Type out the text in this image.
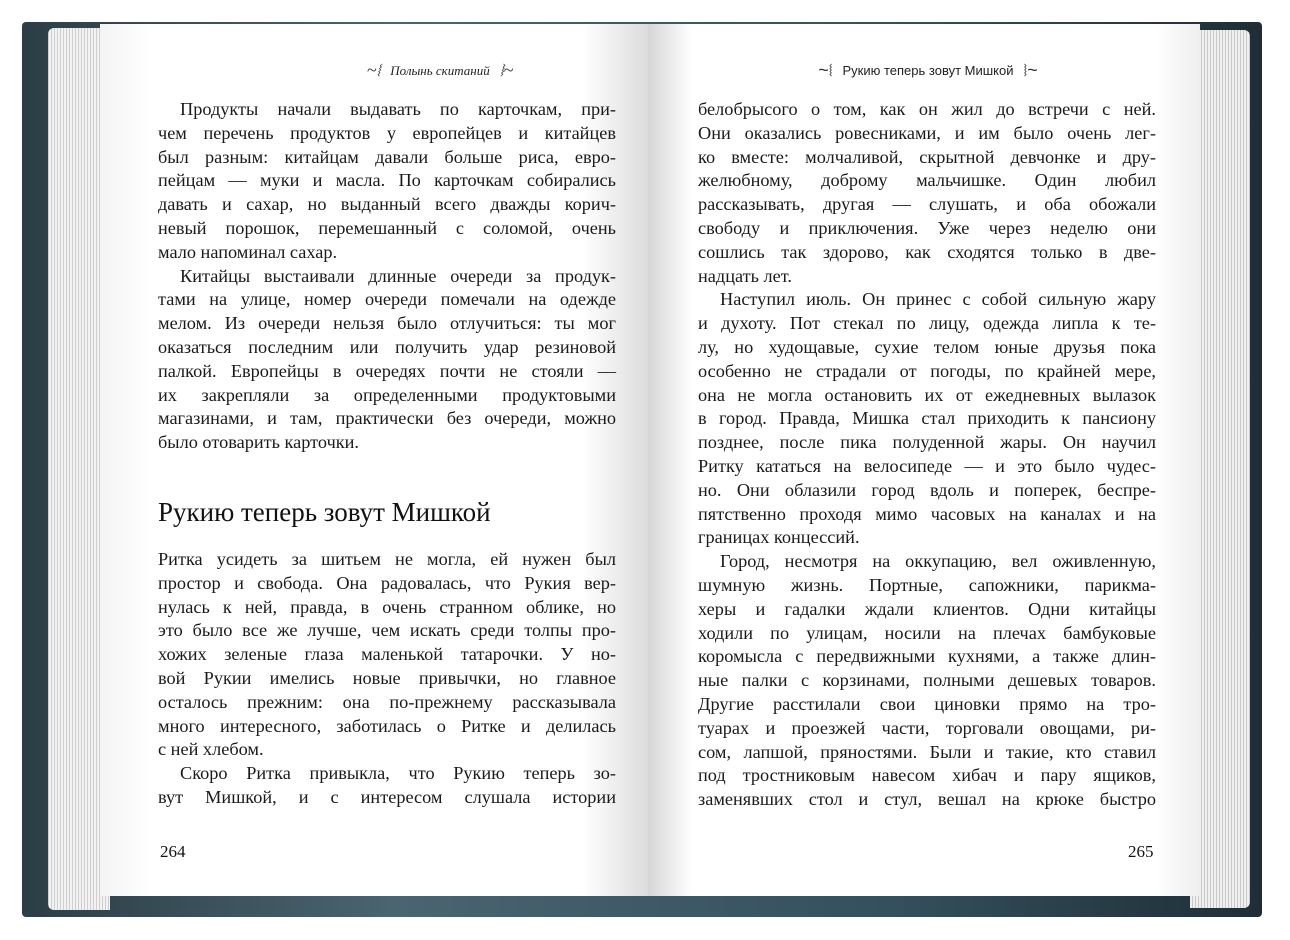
~⧙ Полынь скитаний ⧘~
Продукты начали выдавать по карточкам, при-
чем перечень продуктов у европейцев и китайцев
был разным: китайцам давали больше риса, евро-
пейцам — муки и масла. По карточкам собирались
давать и сахар, но выданный всего дважды корич-
невый порошок, перемешанный с соломой, очень
мало напоминал сахар.
Китайцы выстаивали длинные очереди за продук-
тами на улице, номер очереди помечали на одежде
мелом. Из очереди нельзя было отлучиться: ты мог
оказаться последним или получить удар резиновой
палкой. Европейцы в очередях почти не стояли —
их закрепляли за определенными продуктовыми
магазинами, и там, практически без очереди, можно
было отоварить карточки.
Рукию теперь зовут Мишкой
Ритка усидеть за шитьем не могла, ей нужен был
простор и свобода. Она радовалась, что Рукия вер-
нулась к ней, правда, в очень странном облике, но
это было все же лучше, чем искать среди толпы про-
хожих зеленые глаза маленькой татарочки. У но-
вой Рукии имелись новые привычки, но главное
осталось прежним: она по-прежнему рассказывала
много интересного, заботилась о Ритке и делилась
с ней хлебом.
Скоро Ритка привыкла, что Рукию теперь зо-
вут Мишкой, и с интересом слушала истории
264
~⧙ Рукию теперь зовут Мишкой ⧘~
белобрысого о том, как он жил до встречи с ней.
Они оказались ровесниками, и им было очень лег-
ко вместе: молчаливой, скрытной девчонке и дру-
желюбному, доброму мальчишке. Один любил
рассказывать, другая — слушать, и оба обожали
свободу и приключения. Уже через неделю они
сошлись так здорово, как сходятся только в две-
надцать лет.
Наступил июль. Он принес с собой сильную жару
и духоту. Пот стекал по лицу, одежда липла к те-
лу, но худощавые, сухие телом юные друзья пока
особенно не страдали от погоды, по крайней мере,
она не могла остановить их от ежедневных вылазок
в город. Правда, Мишка стал приходить к пансиону
позднее, после пика полуденной жары. Он научил
Ритку кататься на велосипеде — и это было чудес-
но. Они облазили город вдоль и поперек, беспре-
пятственно проходя мимо часовых на каналах и на
границах концессий.
Город, несмотря на оккупацию, вел оживленную,
шумную жизнь. Портные, сапожники, парикма-
херы и гадалки ждали клиентов. Одни китайцы
ходили по улицам, носили на плечах бамбуковые
коромысла с передвижными кухнями, а также длин-
ные палки с корзинами, полными дешевых товаров.
Другие расстилали свои циновки прямо на тро-
туарах и проезжей части, торговали овощами, ри-
сом, лапшой, пряностями. Были и такие, кто ставил
под тростниковым навесом хибач и пару ящиков,
заменявших стол и стул, вешал на крюке быстро
265
